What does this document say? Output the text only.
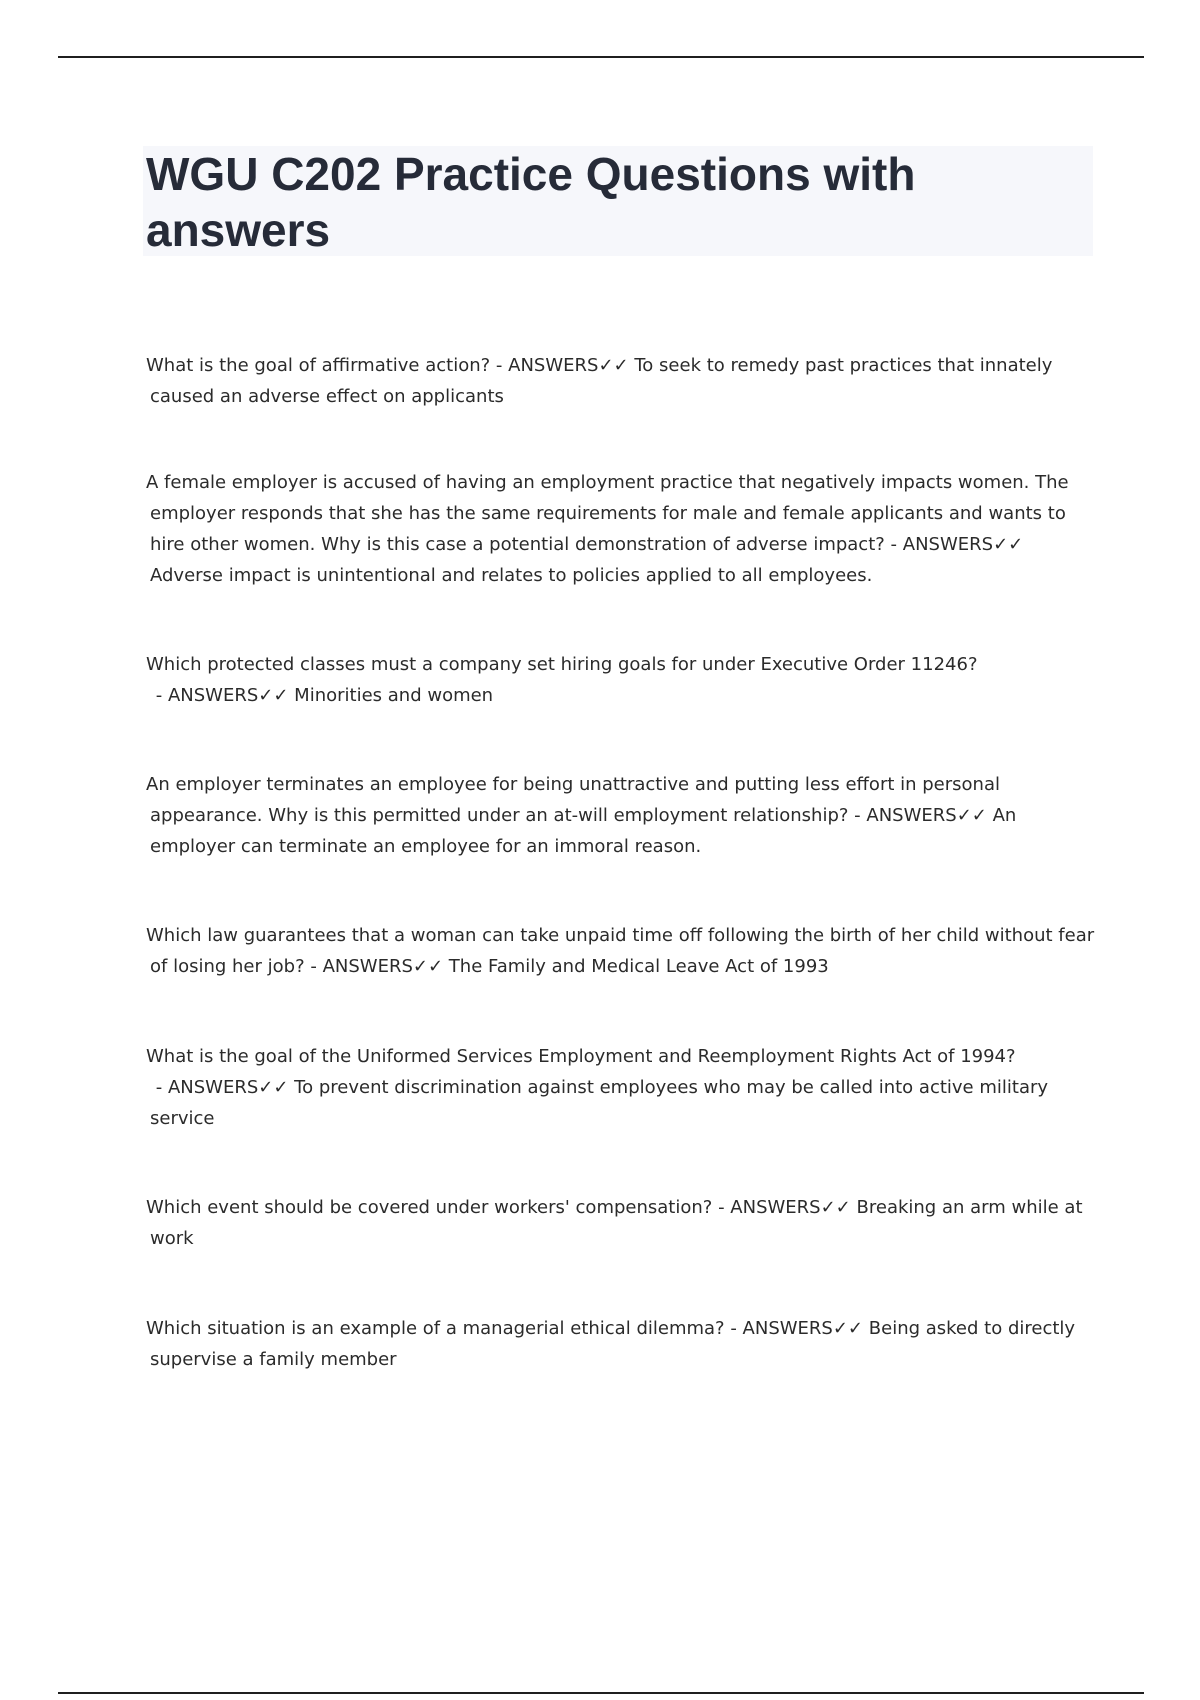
WGU C202 Practice Questions with answers

What is the goal of affirmative action? - ANSWERS✓✓ To seek to remedy past practices that innately caused an adverse effect on applicants

A female employer is accused of having an employment practice that negatively impacts women. The employer responds that she has the same requirements for male and female applicants and wants to hire other women. Why is this case a potential demonstration of adverse impact? - ANSWERS✓✓ Adverse impact is unintentional and relates to policies applied to all employees.

Which protected classes must a company set hiring goals for under Executive Order 11246? - ANSWERS✓✓ Minorities and women

An employer terminates an employee for being unattractive and putting less effort in personal appearance. Why is this permitted under an at-will employment relationship? - ANSWERS✓✓ An employer can terminate an employee for an immoral reason.

Which law guarantees that a woman can take unpaid time off following the birth of her child without fear of losing her job? - ANSWERS✓✓ The Family and Medical Leave Act of 1993

What is the goal of the Uniformed Services Employment and Reemployment Rights Act of 1994? - ANSWERS✓✓ To prevent discrimination against employees who may be called into active military service

Which event should be covered under workers' compensation? - ANSWERS✓✓ Breaking an arm while at work

Which situation is an example of a managerial ethical dilemma? - ANSWERS✓✓ Being asked to directly supervise a family member
